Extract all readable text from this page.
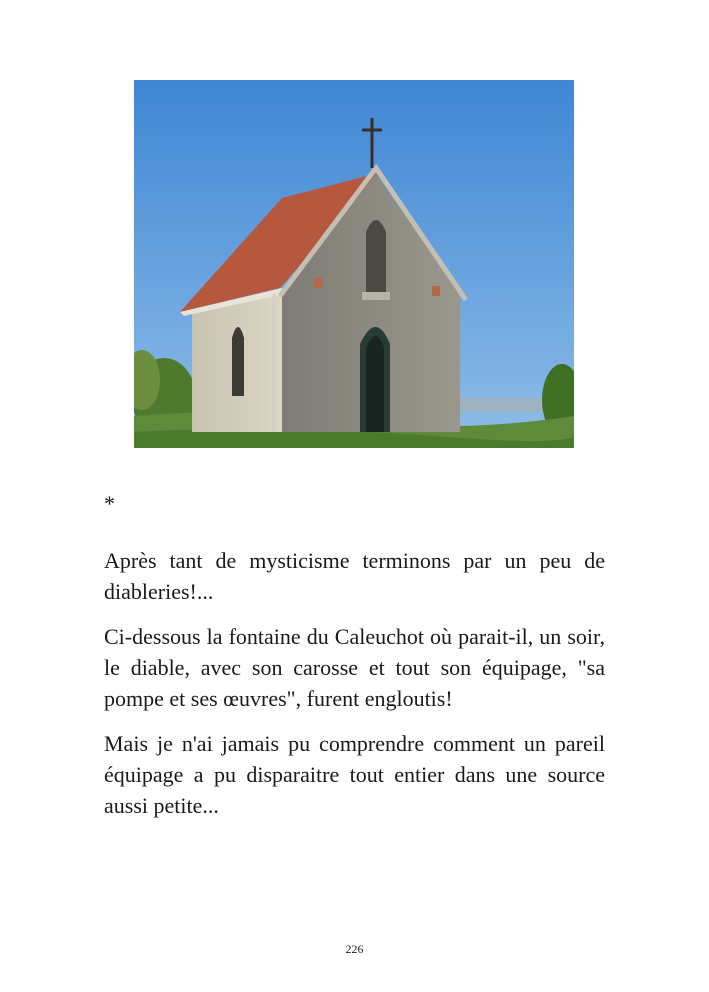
*

Après tant de mysticisme terminons par un peu de diableries!...

Ci-dessous la fontaine du Caleuchot où parait-il, un soir, le diable, avec son carosse et tout son équipage, "sa pompe et ses œuvres", furent engloutis!

Mais je n'ai jamais pu comprendre comment un pareil équipage a pu disparaitre tout entier dans une source aussi petite...

226
